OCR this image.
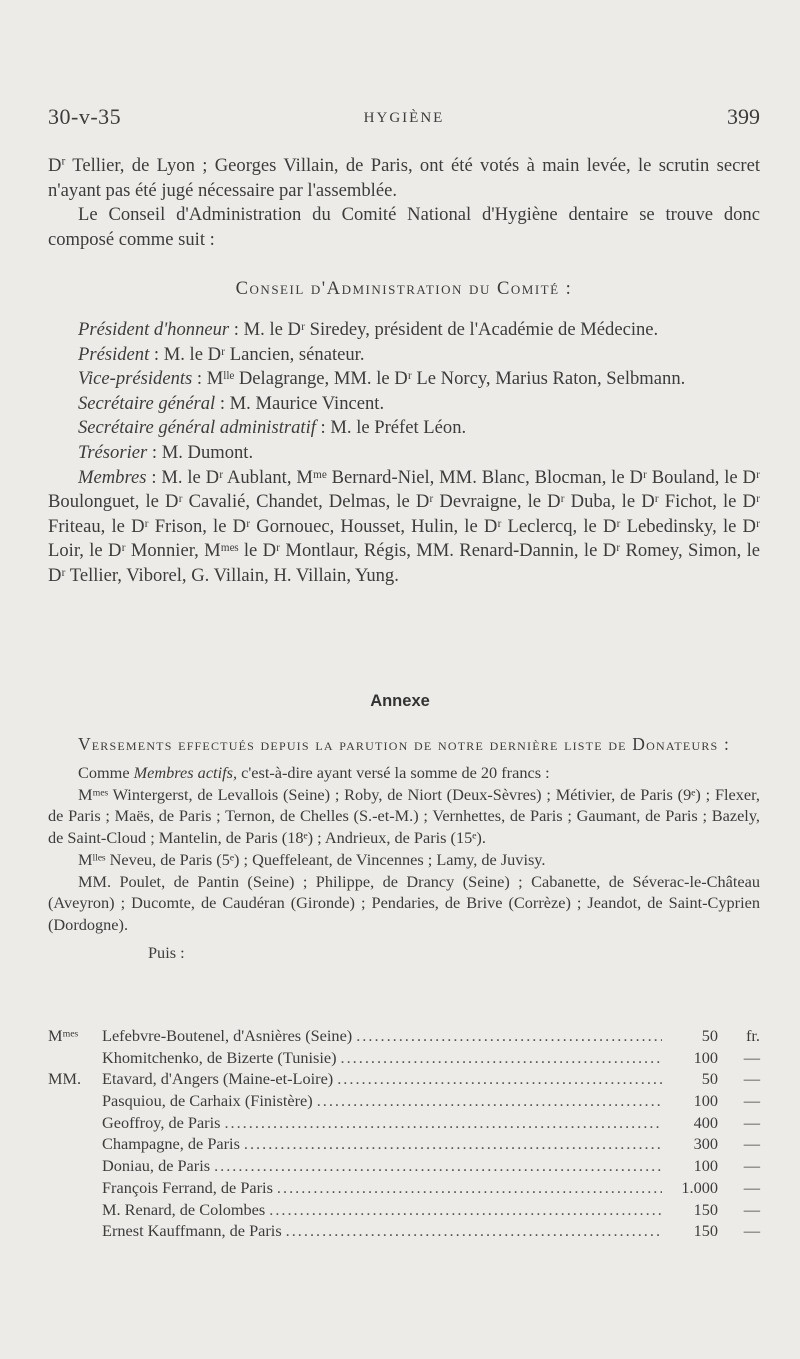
30-v-35	HYGIÈNE	399

$D^r$ Tellier, de Lyon ; Georges Villain, de Paris, ont été votés à main levée, le scrutin secret n'ayant pas été jugé nécessaire par l'assemblée.

Le Conseil d'Administration du Comité National d'Hygiène dentaire se trouve donc composé comme suit :

Conseil d'Administration du Comité :

Président d'honneur : M. le Dʳ Siredey, président de l'Académie de Médecine.

Président : M. le Dʳ Lancien, sénateur.

Vice-présidents : Mˡˡᵉ Delagrange, MM. le Dʳ Le Norcy, Marius Raton, Selbmann.

Secrétaire général : M. Maurice Vincent.

Secrétaire général administratif : M. le Préfet Léon.

Trésorier : M. Dumont.

Membres : M. le Dʳ Aublant, Mᵐᵉ Bernard-Niel, MM. Blanc, Blocman, le Dʳ Bouland, le Dʳ Boulonguet, le Dʳ Cavalié, Chandet, Delmas, le Dʳ Devraigne, le Dʳ Duba, le Dʳ Fichot, le Dʳ Friteau, le Dʳ Frison, le Dʳ Gornouec, Housset, Hulin, le Dʳ Leclercq, le Dʳ Lebedinsky, le Dʳ Loir, le Dʳ Monnier, Mᵐᵉˢ le Dʳ Montlaur, Régis, MM. Renard-Dannin, le Dʳ Romey, Simon, le Dʳ Tellier, Viborel, G. Villain, H. Villain, Yung.

Annexe

Versements effectués depuis la parution de notre dernière liste de Donateurs :

Comme Membres actifs, c'est-à-dire ayant versé la somme de 20 francs :

Mᵐᵉˢ Wintergerst, de Levallois (Seine) ; Roby, de Niort (Deux-Sèvres) ; Métivier, de Paris (9ᵉ) ; Flexer, de Paris ; Maës, de Paris ; Ternon, de Chelles (S.-et-M.) ; Vernhettes, de Paris ; Gaumant, de Paris ; Bazely, de Saint-Cloud ; Mantelin, de Paris (18ᵉ) ; Andrieux, de Paris (15ᵉ).

Mˡˡᵉˢ Neveu, de Paris (5ᵉ) ; Queffeleant, de Vincennes ; Lamy, de Juvisy.

MM. Poulet, de Pantin (Seine) ; Philippe, de Drancy (Seine) ; Cabanette, de Séverac-le-Château (Aveyron) ; Ducomte, de Caudéran (Gironde) ; Pendaries, de Brive (Corrèze) ; Jeandot, de Saint-Cyprien (Dordogne).

Puis :

Mᵐᵉˢ	Lefebvre-Boutenel, d'Asnières (Seine) .....	50	fr.
Khomitchenko, de Bizerte (Tunisie) .....	100	—
MM.	Etavard, d'Angers (Maine-et-Loire) .....	50	—
Pasquiou, de Carhaix (Finistère) .....	100	—
Geoffroy, de Paris .....	400	—
Champagne, de Paris .....	300	—
Doniau, de Paris .....	100	—
François Ferrand, de Paris .....	1.000	—
M. Renard, de Colombes .....	150	—
Ernest Kauffmann, de Paris .....	150	—
